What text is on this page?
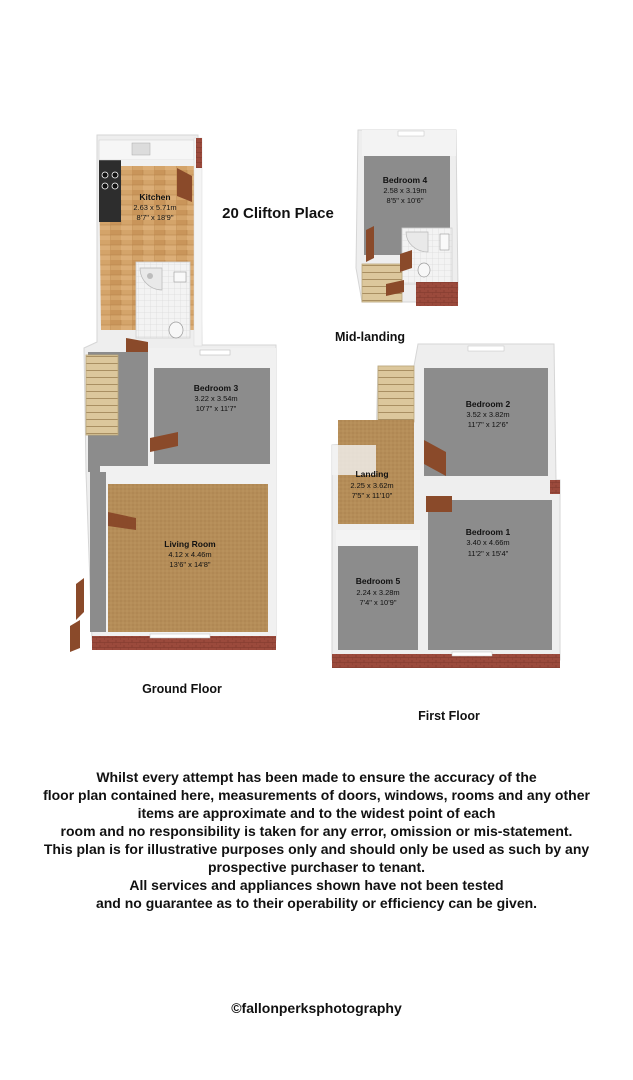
20 Clifton Place
Kitchen
2.63 x 5.71m
8'7" x 18'9"
Bedroom 3
3.22 x 3.54m
10'7" x 11'7"
Living Room
4.12 x 4.46m
13'6" x 14'8"
Bedroom 4
2.58 x 3.19m
8'5" x 10'6"
Bedroom 2
3.52 x 3.82m
11'7" x 12'6"
Landing
2.25 x 3.62m
7'5" x 11'10"
Bedroom 1
3.40 x 4.66m
11'2" x 15'4"
Bedroom 5
2.24 x 3.28m
7'4" x 10'9"
Mid-landing
Ground Floor
First Floor
Whilst every attempt has been made to ensure the accuracy of the
floor plan contained here, measurements of doors, windows, rooms and any other
items are approximate and to the widest point of each
room and no responsibility is taken for any error, omission or mis-statement.
This plan is for illustrative purposes only and should only be used as such by any
prospective purchaser to tenant.
All services and appliances shown have not been tested
and no guarantee as to their operability or efficiency can be given.
©fallonperksphotography
